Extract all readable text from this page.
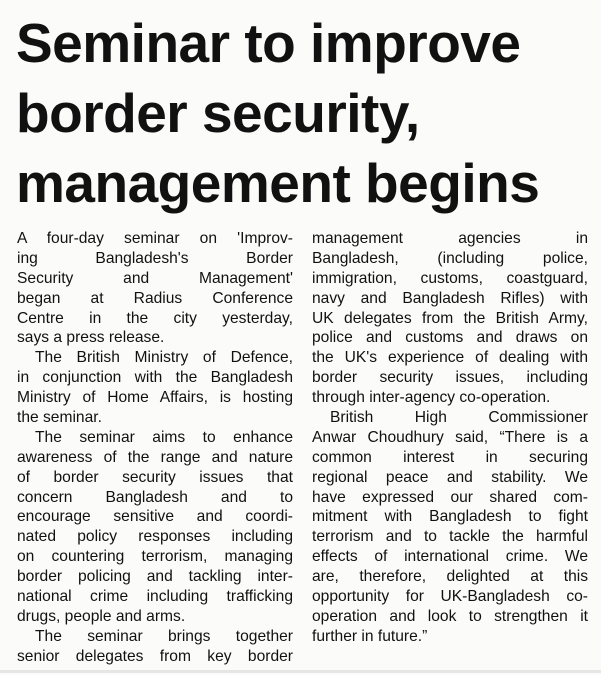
Seminar to improve
border security,
management begins
A four-day seminar on 'Improv-
ing Bangladesh's Border
Security and Management'
began at Radius Conference
Centre in the city yesterday,
says a press release.
The British Ministry of Defence,
in conjunction with the Bangladesh
Ministry of Home Affairs, is hosting
the seminar.
The seminar aims to enhance
awareness of the range and nature
of border security issues that
concern Bangladesh and to
encourage sensitive and coordi-
nated policy responses including
on countering terrorism, managing
border policing and tackling inter-
national crime including trafficking
drugs, people and arms.
The seminar brings together
senior delegates from key border
management agencies in
Bangladesh, (including police,
immigration, customs, coastguard,
navy and Bangladesh Rifles) with
UK delegates from the British Army,
police and customs and draws on
the UK's experience of dealing with
border security issues, including
through inter-agency co-operation.
British High Commissioner
Anwar Choudhury said, “There is a
common interest in securing
regional peace and stability. We
have expressed our shared com-
mitment with Bangladesh to fight
terrorism and to tackle the harmful
effects of international crime. We
are, therefore, delighted at this
opportunity for UK-Bangladesh co-
operation and look to strengthen it
further in future.”
